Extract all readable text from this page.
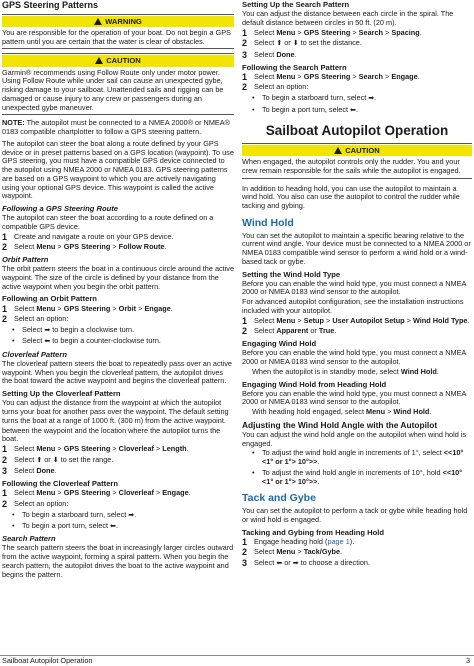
GPS Steering Patterns
WARNING
You are responsible for the operation of your boat. Do not begin a GPS pattern until you are certain that the water is clear of obstacles.
CAUTION
Garmin® recommends using Follow Route only under motor power. Using Follow Route while under sail can cause an unexpected gybe, risking damage to your sailboat. Unattended sails and rigging can be damaged or cause injury to any crew or passengers during an unexpected gybe maneuver.

NOTE: The autopilot must be connected to a NMEA 2000® or NMEA® 0183 compatible chartplotter to follow a GPS steering pattern.

The autopilot can steer the boat along a route defined by your GPS device or in preset patterns based on a GPS location (waypoint). To use GPS steering, you must have a compatible GPS device connected to the autopilot using NMEA 2000 or NMEA 0183. GPS steering patterns are based on a GPS waypoint to which you are actively navigating using your optional GPS device. This waypoint is called the active waypoint.

Following a GPS Steering Route

The autopilot can steer the boat according to a route defined on a compatible GPS device.

1 Create and navigate a route on your GPS device.
2 Select Menu > GPS Steering > Follow Route.
Orbit Pattern

The orbit pattern steers the boat in a continuous circle around the active waypoint. The size of the circle is defined by your distance from the active waypoint when you begin the orbit pattern.

Following an Orbit Pattern
1 Select Menu > GPS Steering > Orbit > Engage.
2 Select an option:
• Select ➡ to begin a clockwise turn.
• Select ⬅ to begin a counter-clockwise turn.
Cloverleaf Pattern

The cloverleaf pattern steers the boat to repeatedly pass over an active waypoint. When you begin the cloverleaf pattern, the autopilot drives the boat toward the active waypoint and begins the cloverleaf pattern.

Setting Up the Cloverleaf Pattern

You can adjust the distance from the waypoint at which the autopilot turns your boat for another pass over the waypoint. The default setting turns the boat at a range of 1000 ft. (300 m) from the active waypoint.

between the waypoint and the location where the autopilot turns the boat.

1 Select Menu > GPS Steering > Cloverleaf > Length.
2 Select ⬆ or ⬇ to set the range.
3 Select Done.
Following the Cloverleaf Pattern
1 Select Menu > GPS Steering > Cloverleaf > Engage.
2 Select an option:
• To begin a starboard turn, select ➡.
• To begin a port turn, select ⬅.
Search Pattern

The search pattern steers the boat in increasingly larger circles outward from the active waypoint, forming a spiral pattern. When you begin the search pattern, the autopilot drives the boat to the active waypoint and begins the pattern.

Setting Up the Search Pattern

You can adjust the distance between each circle in the spiral. The default distance between circles in 50 ft. (20 m).

1 Select Menu > GPS Steering > Search > Spacing.
2 Select ⬆ or ⬇ to set the distance.
3 Select Done.
Following the Search Pattern
1 Select Menu > GPS Steering > Search > Engage.
2 Select an option:
• To begin a starboard turn, select ➡.
• To begin a port turn, select ⬅.
Sailboat Autopilot Operation
CAUTION
When engaged, the autopilot controls only the rudder. You and your crew remain responsible for the sails while the autopilot is engaged.

In addition to heading hold, you can use the autopilot to maintain a wind hold. You also can use the autopilot to control the rudder while tacking and gybing.

Wind Hold

You can set the autopilot to maintain a specific bearing relative to the current wind angle. Your device must be connected to a NMEA 2000 or NMEA 0183 compatible wind sensor to perform a wind hold or a wind-based tack or gybe.

Setting the Wind Hold Type

Before you can enable the wind hold type, you must connect a NMEA 2000 or NMEA 0183 wind sensor to the autopilot.

For advanced autopilot configuration, see the installation instructions included with your autopilot.

1 Select Menu > Setup > User Autopilot Setup > Wind Hold Type.
2 Select Apparent or True.
Engaging Wind Hold

Before you can enable the wind hold type, you must connect a NMEA 2000 or NMEA 0183 wind sensor to the autopilot.

When the autopilot is in standby mode, select Wind Hold.
Engaging Wind Hold from Heading Hold

Before you can enable the wind hold type, you must connect a NMEA 2000 or NMEA 0183 wind sensor to the autopilot.

With heading hold engaged, select Menu > Wind Hold.
Adjusting the Wind Hold Angle with the Autopilot

You can adjust the wind hold angle on the autopilot when wind hold is engaged.

• To adjust the wind hold angle in increments of 1°, select <<10° <1° or 1°> 10°>>.
• To adjust the wind hold angle in increments of 10°, hold <<10° <1° or 1°> 10°>>.
Tack and Gybe

You can set the autopilot to perform a tack or gybe while heading hold or wind hold is engaged.

Tacking and Gybing from Heading Hold
1 Engage heading hold (page 1).
2 Select Menu > Tack/Gybe.
3 Select ⬅ or ➡ to choose a direction.
Sailboat Autopilot Operation	3
